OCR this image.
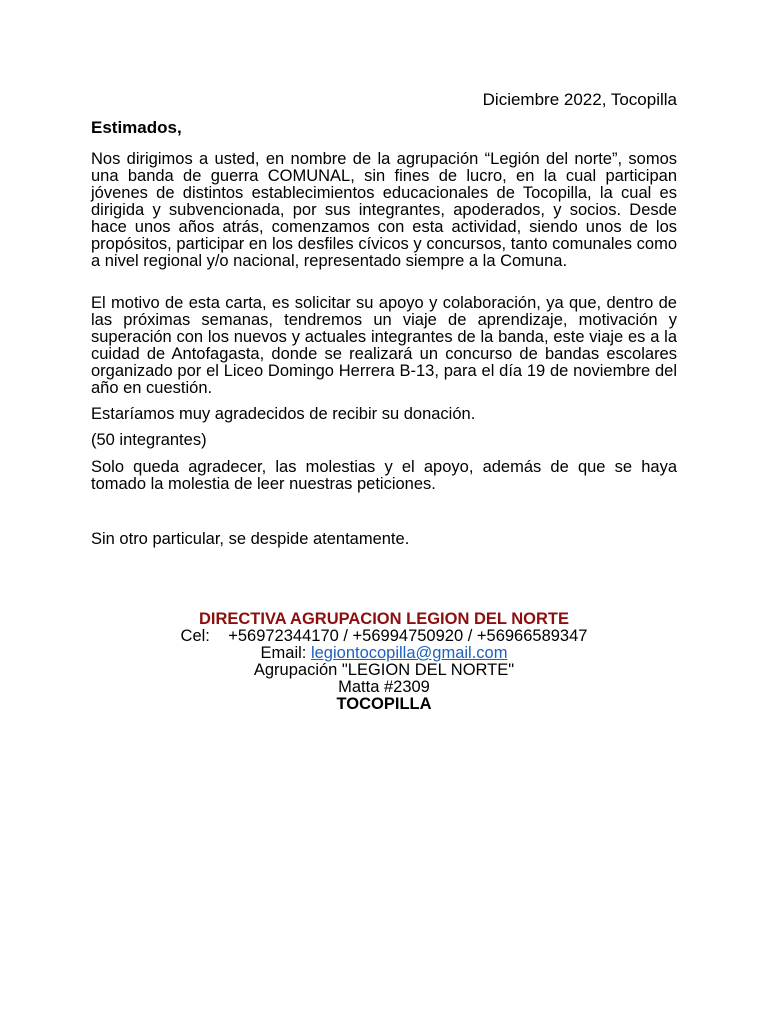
Diciembre 2022, Tocopilla
Estimados,

Nos dirigimos a usted, en nombre de la agrupación “Legión del norte”, somos una banda de guerra COMUNAL, sin fines de lucro, en la cual participan jóvenes de distintos establecimientos educacionales de Tocopilla, la cual es dirigida y subvencionada, por sus integrantes, apoderados, y socios. Desde hace unos años atrás, comenzamos con esta actividad, siendo unos de los propósitos, participar en los desfiles cívicos y concursos, tanto comunales como a nivel regional y/o nacional, representado siempre a la Comuna.

El motivo de esta carta, es solicitar su apoyo y colaboración, ya que, dentro de las próximas semanas, tendremos un viaje de aprendizaje, motivación y superación con los nuevos y actuales integrantes de la banda, este viaje es a la cuidad de Antofagasta, donde se realizará un concurso de bandas escolares organizado por el Liceo Domingo Herrera B-13, para el día 19 de noviembre del año en cuestión.

Estaríamos muy agradecidos de recibir su donación.

(50 integrantes)

Solo queda agradecer, las molestias y el apoyo, además de que se haya tomado la molestia de leer nuestras peticiones.

Sin otro particular, se despide atentamente.

DIRECTIVA AGRUPACION LEGION DEL NORTE
Cel: +56972344170 / +56994750920 / +56966589347
Email: legiontocopilla@gmail.com
Agrupación "LEGION DEL NORTE"
Matta #2309
TOCOPILLA
